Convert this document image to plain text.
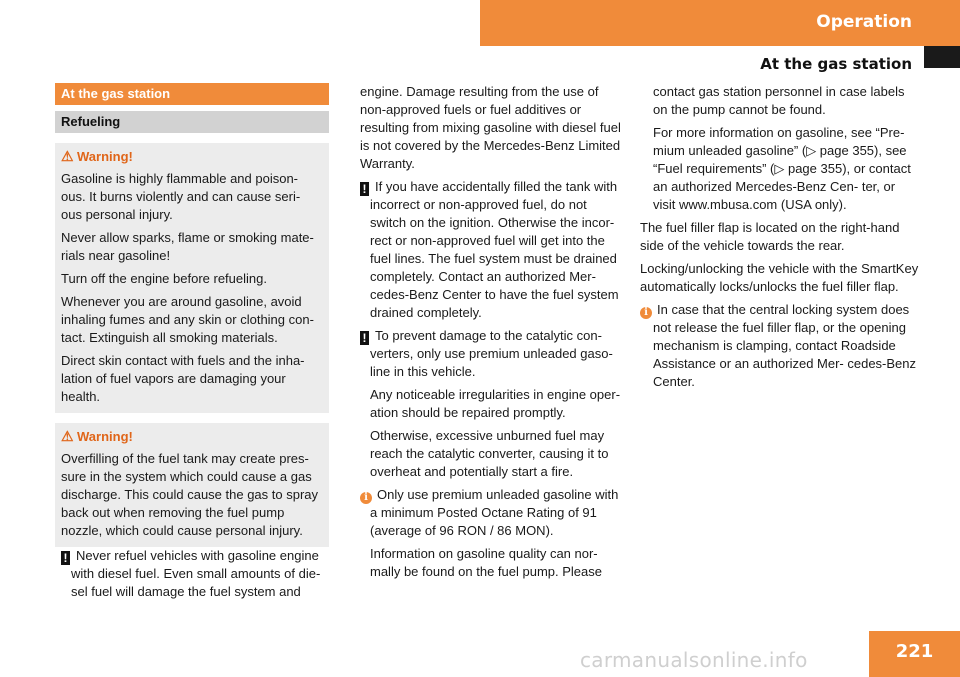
Operation
At the gas station
At the gas station
Refueling
⚠ Warning!

Gasoline is highly flammable and poison- ous. It burns violently and can cause seri- ous personal injury.

Never allow sparks, flame or smoking mate- rials near gasoline!

Turn off the engine before refueling.

Whenever you are around gasoline, avoid inhaling fumes and any skin or clothing con- tact. Extinguish all smoking materials.

Direct skin contact with fuels and the inha- lation of fuel vapors are damaging your health.

⚠ Warning!

Overfilling of the fuel tank may create pres- sure in the system which could cause a gas discharge. This could cause the gas to spray back out when removing the fuel pump nozzle, which could cause personal injury.

! Never refuel vehicles with gasoline engine with diesel fuel. Even small amounts of die- sel fuel will damage the fuel system and

engine. Damage resulting from the use of non-approved fuels or fuel additives or resulting from mixing gasoline with diesel fuel is not covered by the Mercedes-Benz Limited Warranty.

! If you have accidentally filled the tank with incorrect or non-approved fuel, do not switch on the ignition. Otherwise the incor- rect or non-approved fuel will get into the fuel lines. The fuel system must be drained completely. Contact an authorized Mer- cedes-Benz Center to have the fuel system drained completely.

! To prevent damage to the catalytic con- verters, only use premium unleaded gaso- line in this vehicle.

Any noticeable irregularities in engine oper- ation should be repaired promptly.

Otherwise, excessive unburned fuel may reach the catalytic converter, causing it to overheat and potentially start a fire.

i Only use premium unleaded gasoline with a minimum Posted Octane Rating of 91 (average of 96 RON / 86 MON).

Information on gasoline quality can nor- mally be found on the fuel pump. Please

contact gas station personnel in case labels on the pump cannot be found.

For more information on gasoline, see “Pre- mium unleaded gasoline” (▷ page 355), see “Fuel requirements” (▷ page 355), or contact an authorized Mercedes-Benz Cen- ter, or visit www.mbusa.com (USA only).

The fuel filler flap is located on the right-hand side of the vehicle towards the rear.

Locking/unlocking the vehicle with the SmartKey automatically locks/unlocks the fuel filler flap.

i In case that the central locking system does not release the fuel filler flap, or the opening mechanism is clamping, contact Roadside Assistance or an authorized Mer- cedes-Benz Center.

221
carmanualsonline.info
